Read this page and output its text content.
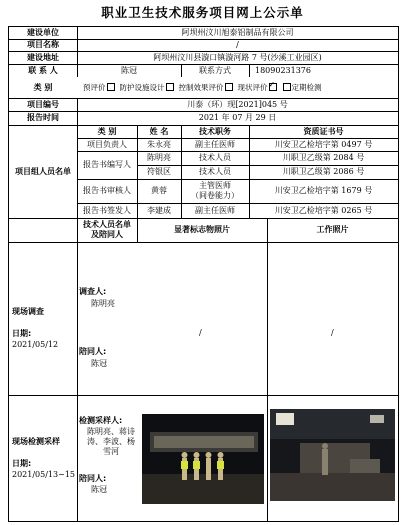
职业卫生技术服务项目网上公示单
建设单位	阿坝州汶川旭泰铝制品有限公司
项目名称	/
建设地址	阿坝州汶川县漩口镇漩河路 7 号(沙溪工业园区)
联 系 人	陈冠	联系方式	18090231376
类 别	预评价	防护设施设计	控制效果评价	现状评价✓	定期检测
项目编号	川泰（环）现[2021]045 号
报告时间	2021 年 07 月 29 日
项目组人员名单
类 别	姓 名	技术职务	资质证书号
项目负责人	朱永亮	副主任医师	川安卫乙检培字第 0497 号
报告书编写人
陈明亮	技术人员	川职卫乙级第 2084 号
符银区	技术人员	川职卫乙级第 2086 号
报告书审核人	黄蓉
主管医师
（间卷能力）
川安卫乙检培字第 1679 号
报告书签发人	李建成	副主任医师	川安卫乙检培字第 0265 号
技术人员名单及陪同人
显著标志物照片	工作照片
现场调查
日期:
2021/05/12
调查人:
陈明亮
陪同人:
陈冠
/	/
现场检测采样
日期:
2021/05/13~15
检测采样人:
陈明亮、蒋诗涛、李波、杨雪河
陪同人:
陈冠
